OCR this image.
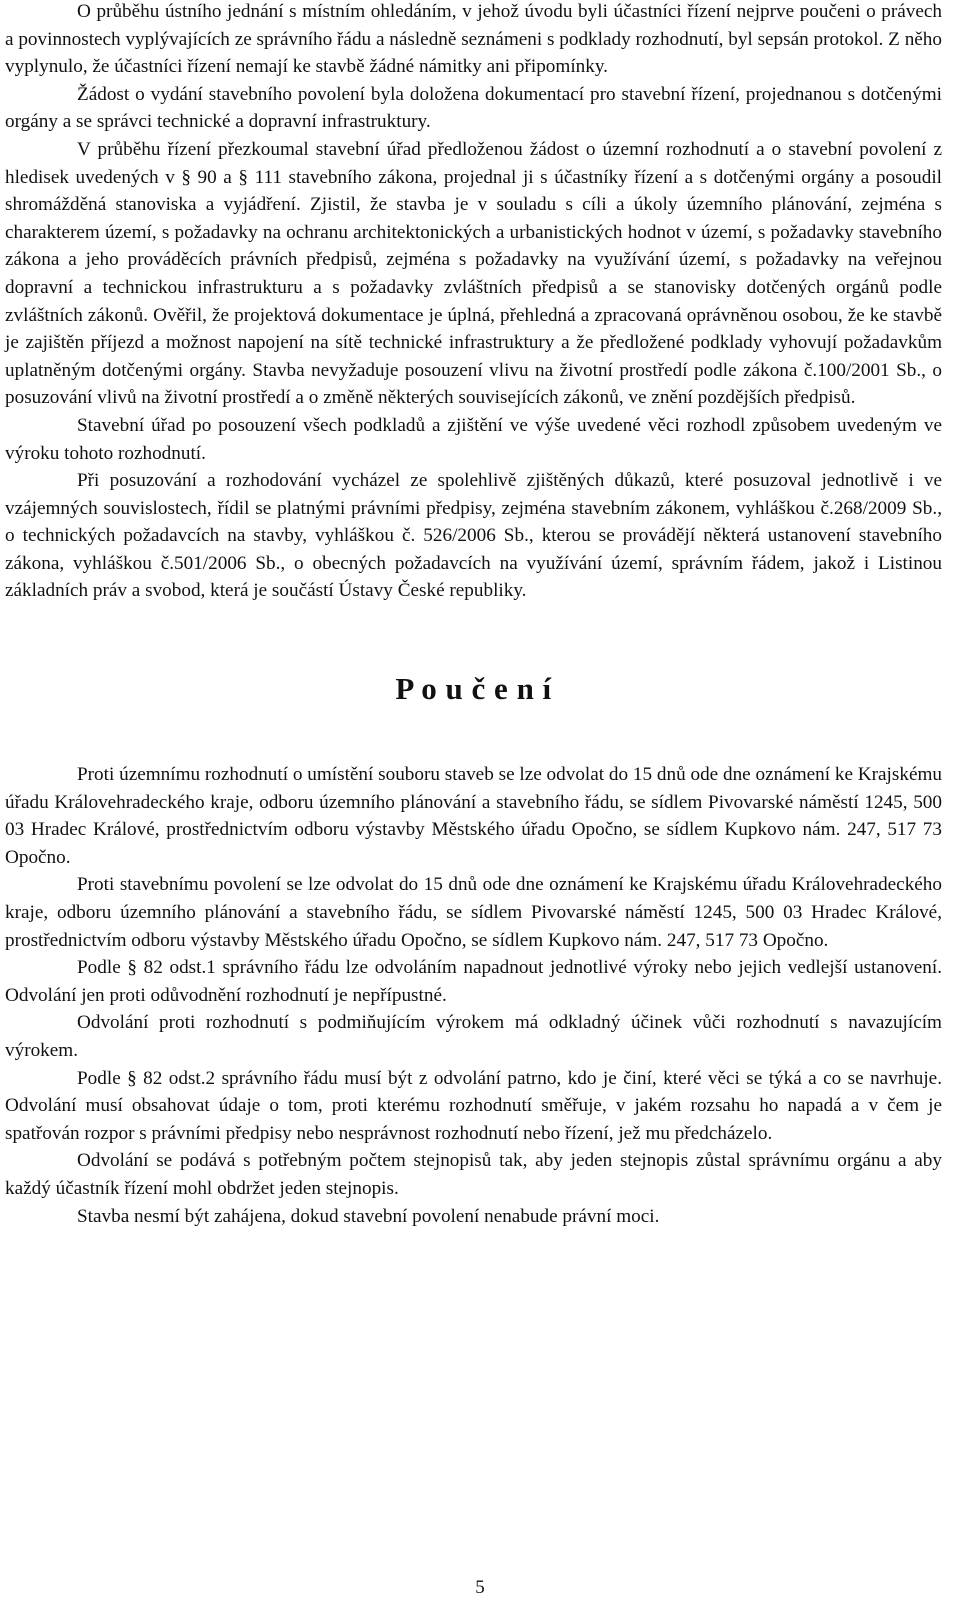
O průběhu ústního jednání s místním ohledáním, v jehož úvodu byli účastníci řízení nejprve poučeni o právech a povinnostech vyplývajících ze správního řádu a následně seznámeni s podklady rozhodnutí, byl sepsán protokol. Z něho vyplynulo, že účastníci řízení nemají ke stavbě žádné námitky ani připomínky.

Žádost o vydání stavebního povolení byla doložena dokumentací pro stavební řízení, projednanou s dotčenými orgány a se správci technické a dopravní infrastruktury.

V průběhu řízení přezkoumal stavební úřad předloženou žádost o územní rozhodnutí a o stavební povolení z hledisek uvedených v § 90 a § 111 stavebního zákona, projednal ji s účastníky řízení a s dotčenými orgány a posoudil shromážděná stanoviska a vyjádření. Zjistil, že stavba je v souladu s cíli a úkoly územního plánování, zejména s charakterem území, s požadavky na ochranu architektonických a urbanistických hodnot v území, s požadavky stavebního zákona a jeho prováděcích právních předpisů, zejména s požadavky na využívání území, s požadavky na veřejnou dopravní a technickou infrastrukturu a s požadavky zvláštních předpisů a se stanovisky dotčených orgánů podle zvláštních zákonů. Ověřil, že projektová dokumentace je úplná, přehledná a zpracovaná oprávněnou osobou, že ke stavbě je zajištěn příjezd a možnost napojení na sítě technické infrastruktury a že předložené podklady vyhovují požadavkům uplatněným dotčenými orgány. Stavba nevyžaduje posouzení vlivu na životní prostředí podle zákona č.100/2001 Sb., o posuzování vlivů na životní prostředí a o změně některých souvisejících zákonů, ve znění pozdějších předpisů.

Stavební úřad po posouzení všech podkladů a zjištění ve výše uvedené věci rozhodl způsobem uvedeným ve výroku tohoto rozhodnutí.

Při posuzování a rozhodování vycházel ze spolehlivě zjištěných důkazů, které posuzoval jednotlivě i ve vzájemných souvislostech, řídil se platnými právními předpisy, zejména stavebním zákonem, vyhláškou č.268/2009 Sb., o technických požadavcích na stavby, vyhláškou č. 526/2006 Sb., kterou se provádějí některá ustanovení stavebního zákona, vyhláškou č.501/2006 Sb., o obecných požadavcích na využívání území, správním řádem, jakož i Listinou základních práv a svobod, která je součástí Ústavy České republiky.

P o u č e n í

Proti územnímu rozhodnutí o umístění souboru staveb se lze odvolat do 15 dnů ode dne oznámení ke Krajskému úřadu Královehradeckého kraje, odboru územního plánování a stavebního řádu, se sídlem Pivovarské náměstí 1245, 500 03 Hradec Králové, prostřednictvím odboru výstavby Městského úřadu Opočno, se sídlem Kupkovo nám. 247, 517 73 Opočno.

Proti stavebnímu povolení se lze odvolat do 15 dnů ode dne oznámení ke Krajskému úřadu Královehradeckého kraje, odboru územního plánování a stavebního řádu, se sídlem Pivovarské náměstí 1245, 500 03 Hradec Králové, prostřednictvím odboru výstavby Městského úřadu Opočno, se sídlem Kupkovo nám. 247, 517 73 Opočno.

Podle § 82 odst.1 správního řádu lze odvoláním napadnout jednotlivé výroky nebo jejich vedlejší ustanovení. Odvolání jen proti odůvodnění rozhodnutí je nepřípustné.

Odvolání proti rozhodnutí s podmiňujícím výrokem má odkladný účinek vůči rozhodnutí s navazujícím výrokem.

Podle § 82 odst.2 správního řádu musí být z odvolání patrno, kdo je činí, které věci se týká a co se navrhuje. Odvolání musí obsahovat údaje o tom, proti kterému rozhodnutí směřuje, v jakém rozsahu ho napadá a v čem je spatřován rozpor s právními předpisy nebo nesprávnost rozhodnutí nebo řízení, jež mu předcházelo.

Odvolání se podává s potřebným počtem stejnopisů tak, aby jeden stejnopis zůstal správnímu orgánu a aby každý účastník řízení mohl obdržet jeden stejnopis.

Stavba nesmí být zahájena, dokud stavební povolení nenabude právní moci.

5
